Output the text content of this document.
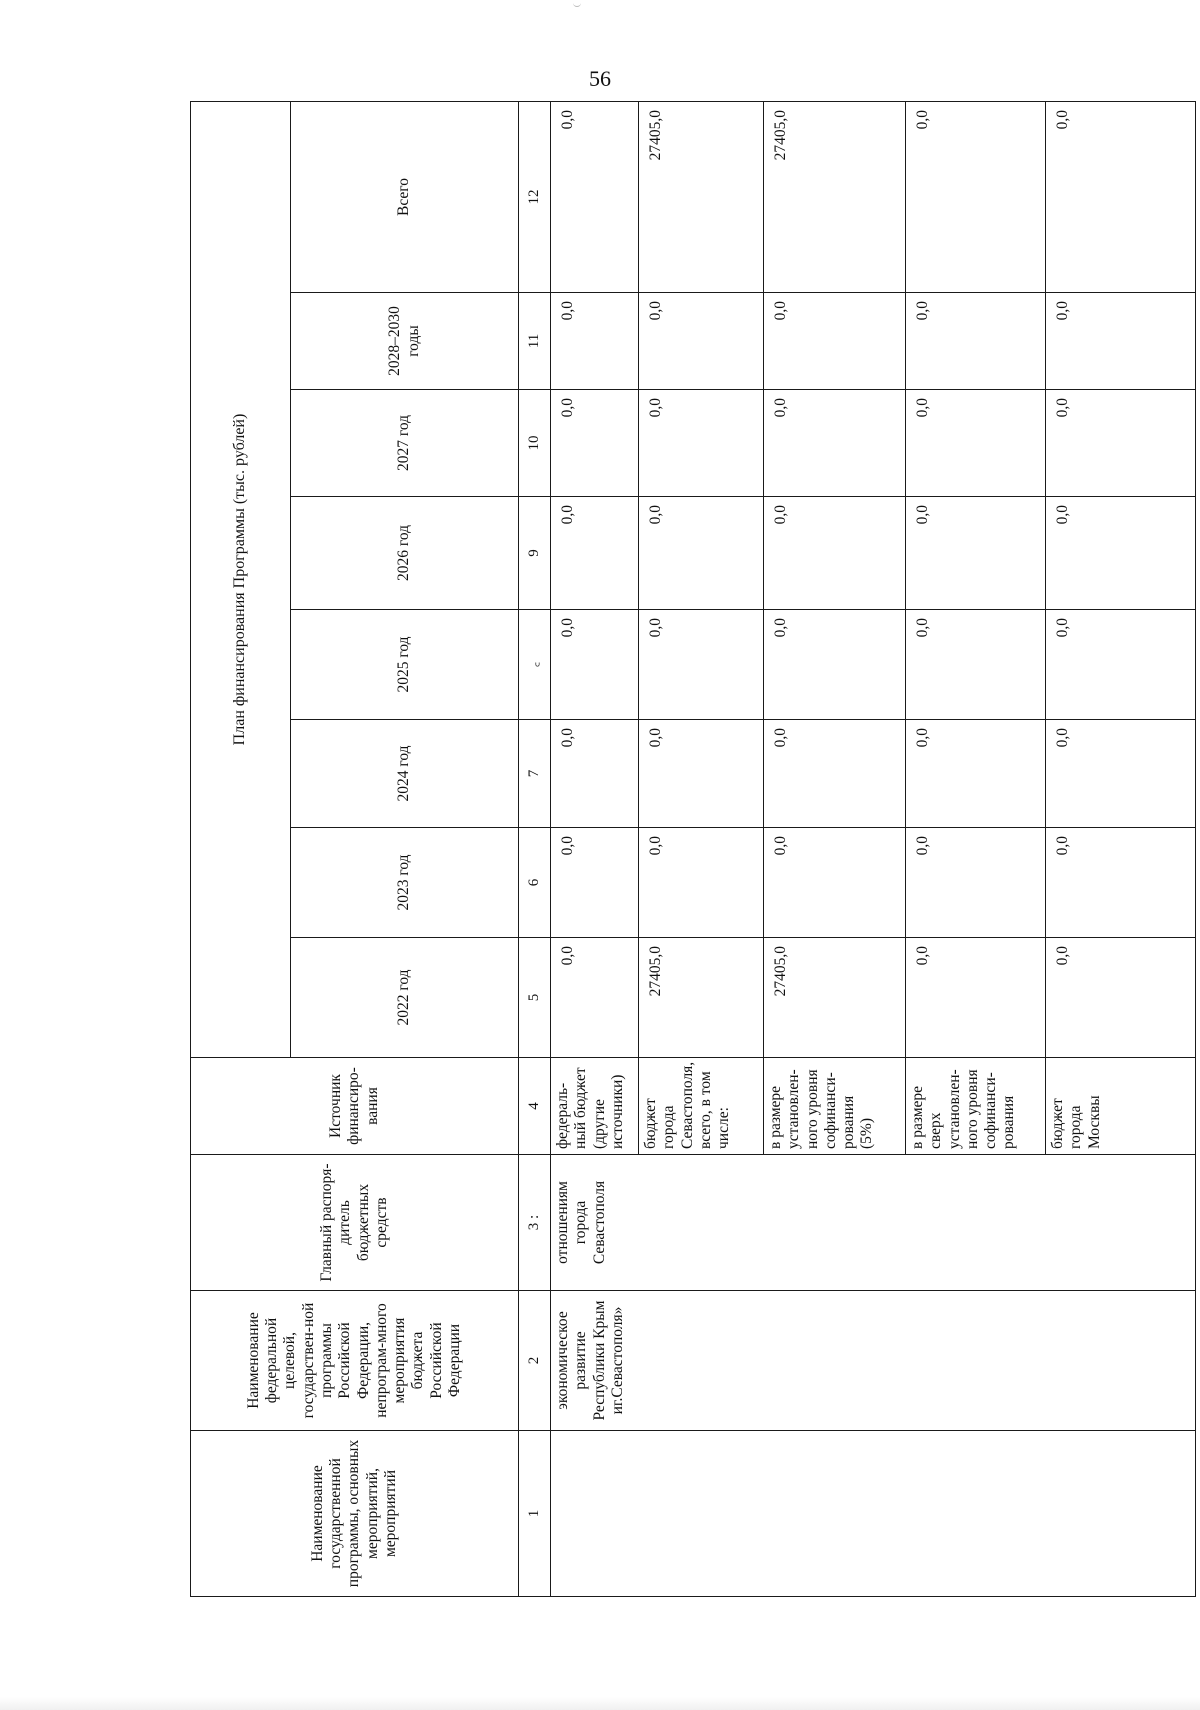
56
Наименование государственной программы, основных мероприятий, мероприятий	Наименование федеральной целевой, государствен-ной программы Российской Федерации, непрограм-много мероприятия бюджета Российской Федерации	Главный распоря-дитель бюджетных средств	Источник финансиро-вания	План финансирования Программы (тыс. рублей)							
				2022 год	2023 год	2024 год	2025 год	2026 год	2027 год	2028–2030 годы	Всего
1	2	3 :	4	5	6	7	꜀	9	10	11	12
	экономическое развитие Республики Крым иг.Севастополя»	отношениям города Севастополя	федераль-ный бюджет (другие источники)	0,0	0,0	0,0	0,0	0,0	0,0	0,0	0,0
			бюджет города Севастополя, всего, в том числе:	27405,0	0,0	0,0	0,0	0,0	0,0	0,0	27405,0
			в размере установлен-ного уровня софинанси-рования (5%)	27405,0	0,0	0,0	0,0	0,0	0,0	0,0	27405,0
			в размере сверх установлен-ного уровня софинанси-рования	0,0	0,0	0,0	0,0	0,0	0,0	0,0	0,0
			бюджет города Москвы	0,0	0,0	0,0	0,0	0,0	0,0	0,0	0,0
